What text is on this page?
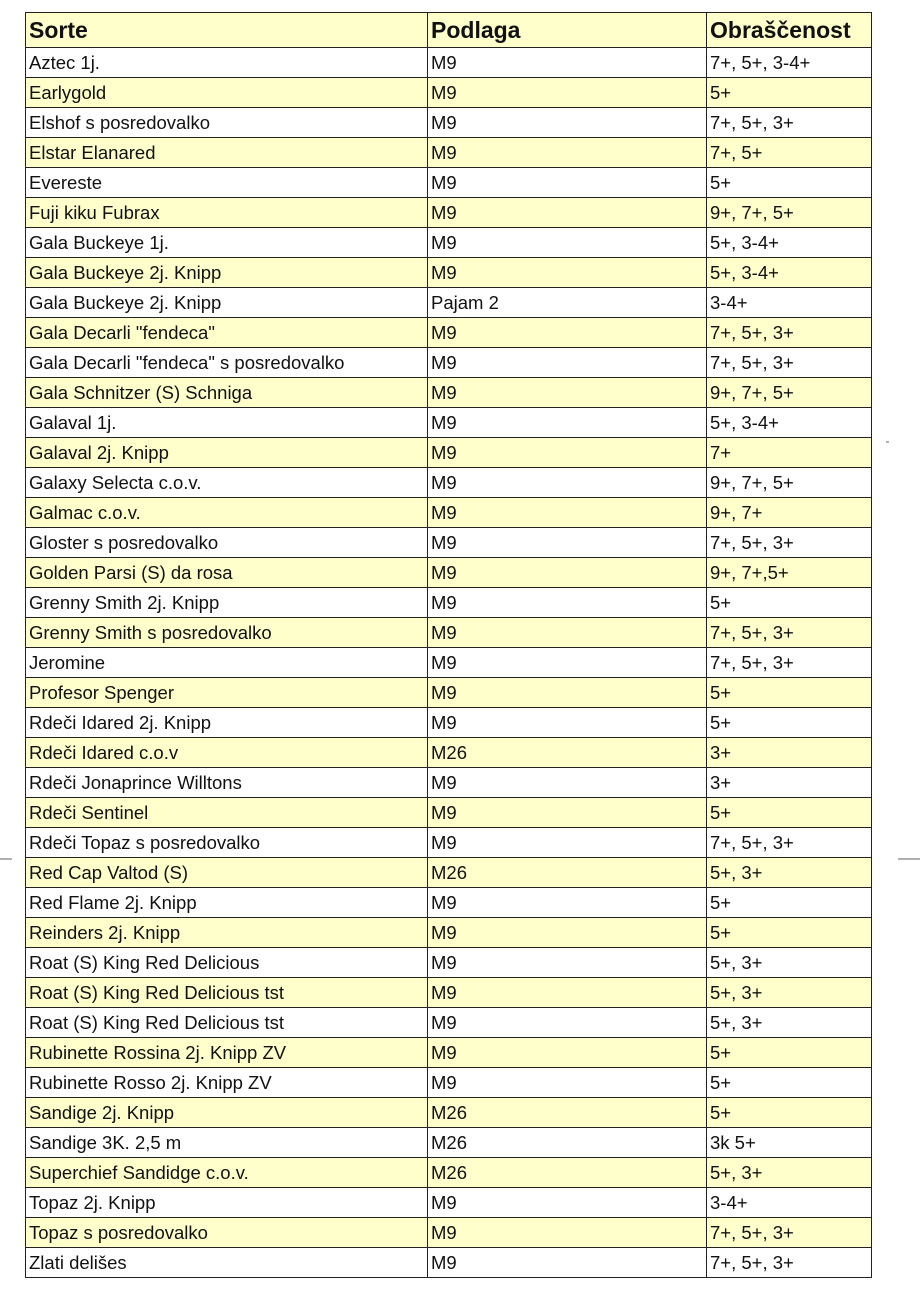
Sorte	Podlaga	Obraščenost
Aztec 1j.	M9	7+, 5+, 3-4+
Earlygold	M9	5+
Elshof s posredovalko	M9	7+, 5+, 3+
Elstar Elanared	M9	7+, 5+
Evereste	M9	5+
Fuji kiku Fubrax	M9	9+, 7+, 5+
Gala Buckeye 1j.	M9	5+, 3-4+
Gala Buckeye 2j. Knipp	M9	5+, 3-4+
Gala Buckeye 2j. Knipp	Pajam 2	3-4+
Gala Decarli "fendeca"	M9	7+, 5+, 3+
Gala Decarli "fendeca" s posredovalko	M9	7+, 5+, 3+
Gala Schnitzer (S) Schniga	M9	9+, 7+, 5+
Galaval 1j.	M9	5+, 3-4+
Galaval 2j. Knipp	M9	7+
Galaxy Selecta c.o.v.	M9	9+, 7+, 5+
Galmac c.o.v.	M9	9+, 7+
Gloster s posredovalko	M9	7+, 5+, 3+
Golden Parsi (S) da rosa	M9	9+, 7+,5+
Grenny Smith 2j. Knipp	M9	5+
Grenny Smith s posredovalko	M9	7+, 5+, 3+
Jeromine	M9	7+, 5+, 3+
Profesor Spenger	M9	5+
Rdeči Idared 2j. Knipp	M9	5+
Rdeči Idared c.o.v	M26	3+
Rdeči Jonaprince Willtons	M9	3+
Rdeči Sentinel	M9	5+
Rdeči Topaz s posredovalko	M9	7+, 5+, 3+
Red Cap Valtod (S)	M26	5+, 3+
Red Flame 2j. Knipp	M9	5+
Reinders 2j. Knipp	M9	5+
Roat (S) King Red Delicious	M9	5+, 3+
Roat (S) King Red Delicious tst	M9	5+, 3+
Roat (S) King Red Delicious tst	M9	5+, 3+
Rubinette Rossina 2j. Knipp ZV	M9	5+
Rubinette Rosso 2j. Knipp ZV	M9	5+
Sandige 2j. Knipp	M26	5+
Sandige 3K. 2,5 m	M26	3k 5+
Superchief Sandidge c.o.v.	M26	5+, 3+
Topaz 2j. Knipp	M9	3-4+
Topaz s posredovalko	M9	7+, 5+, 3+
Zlati delišes	M9	7+, 5+, 3+
